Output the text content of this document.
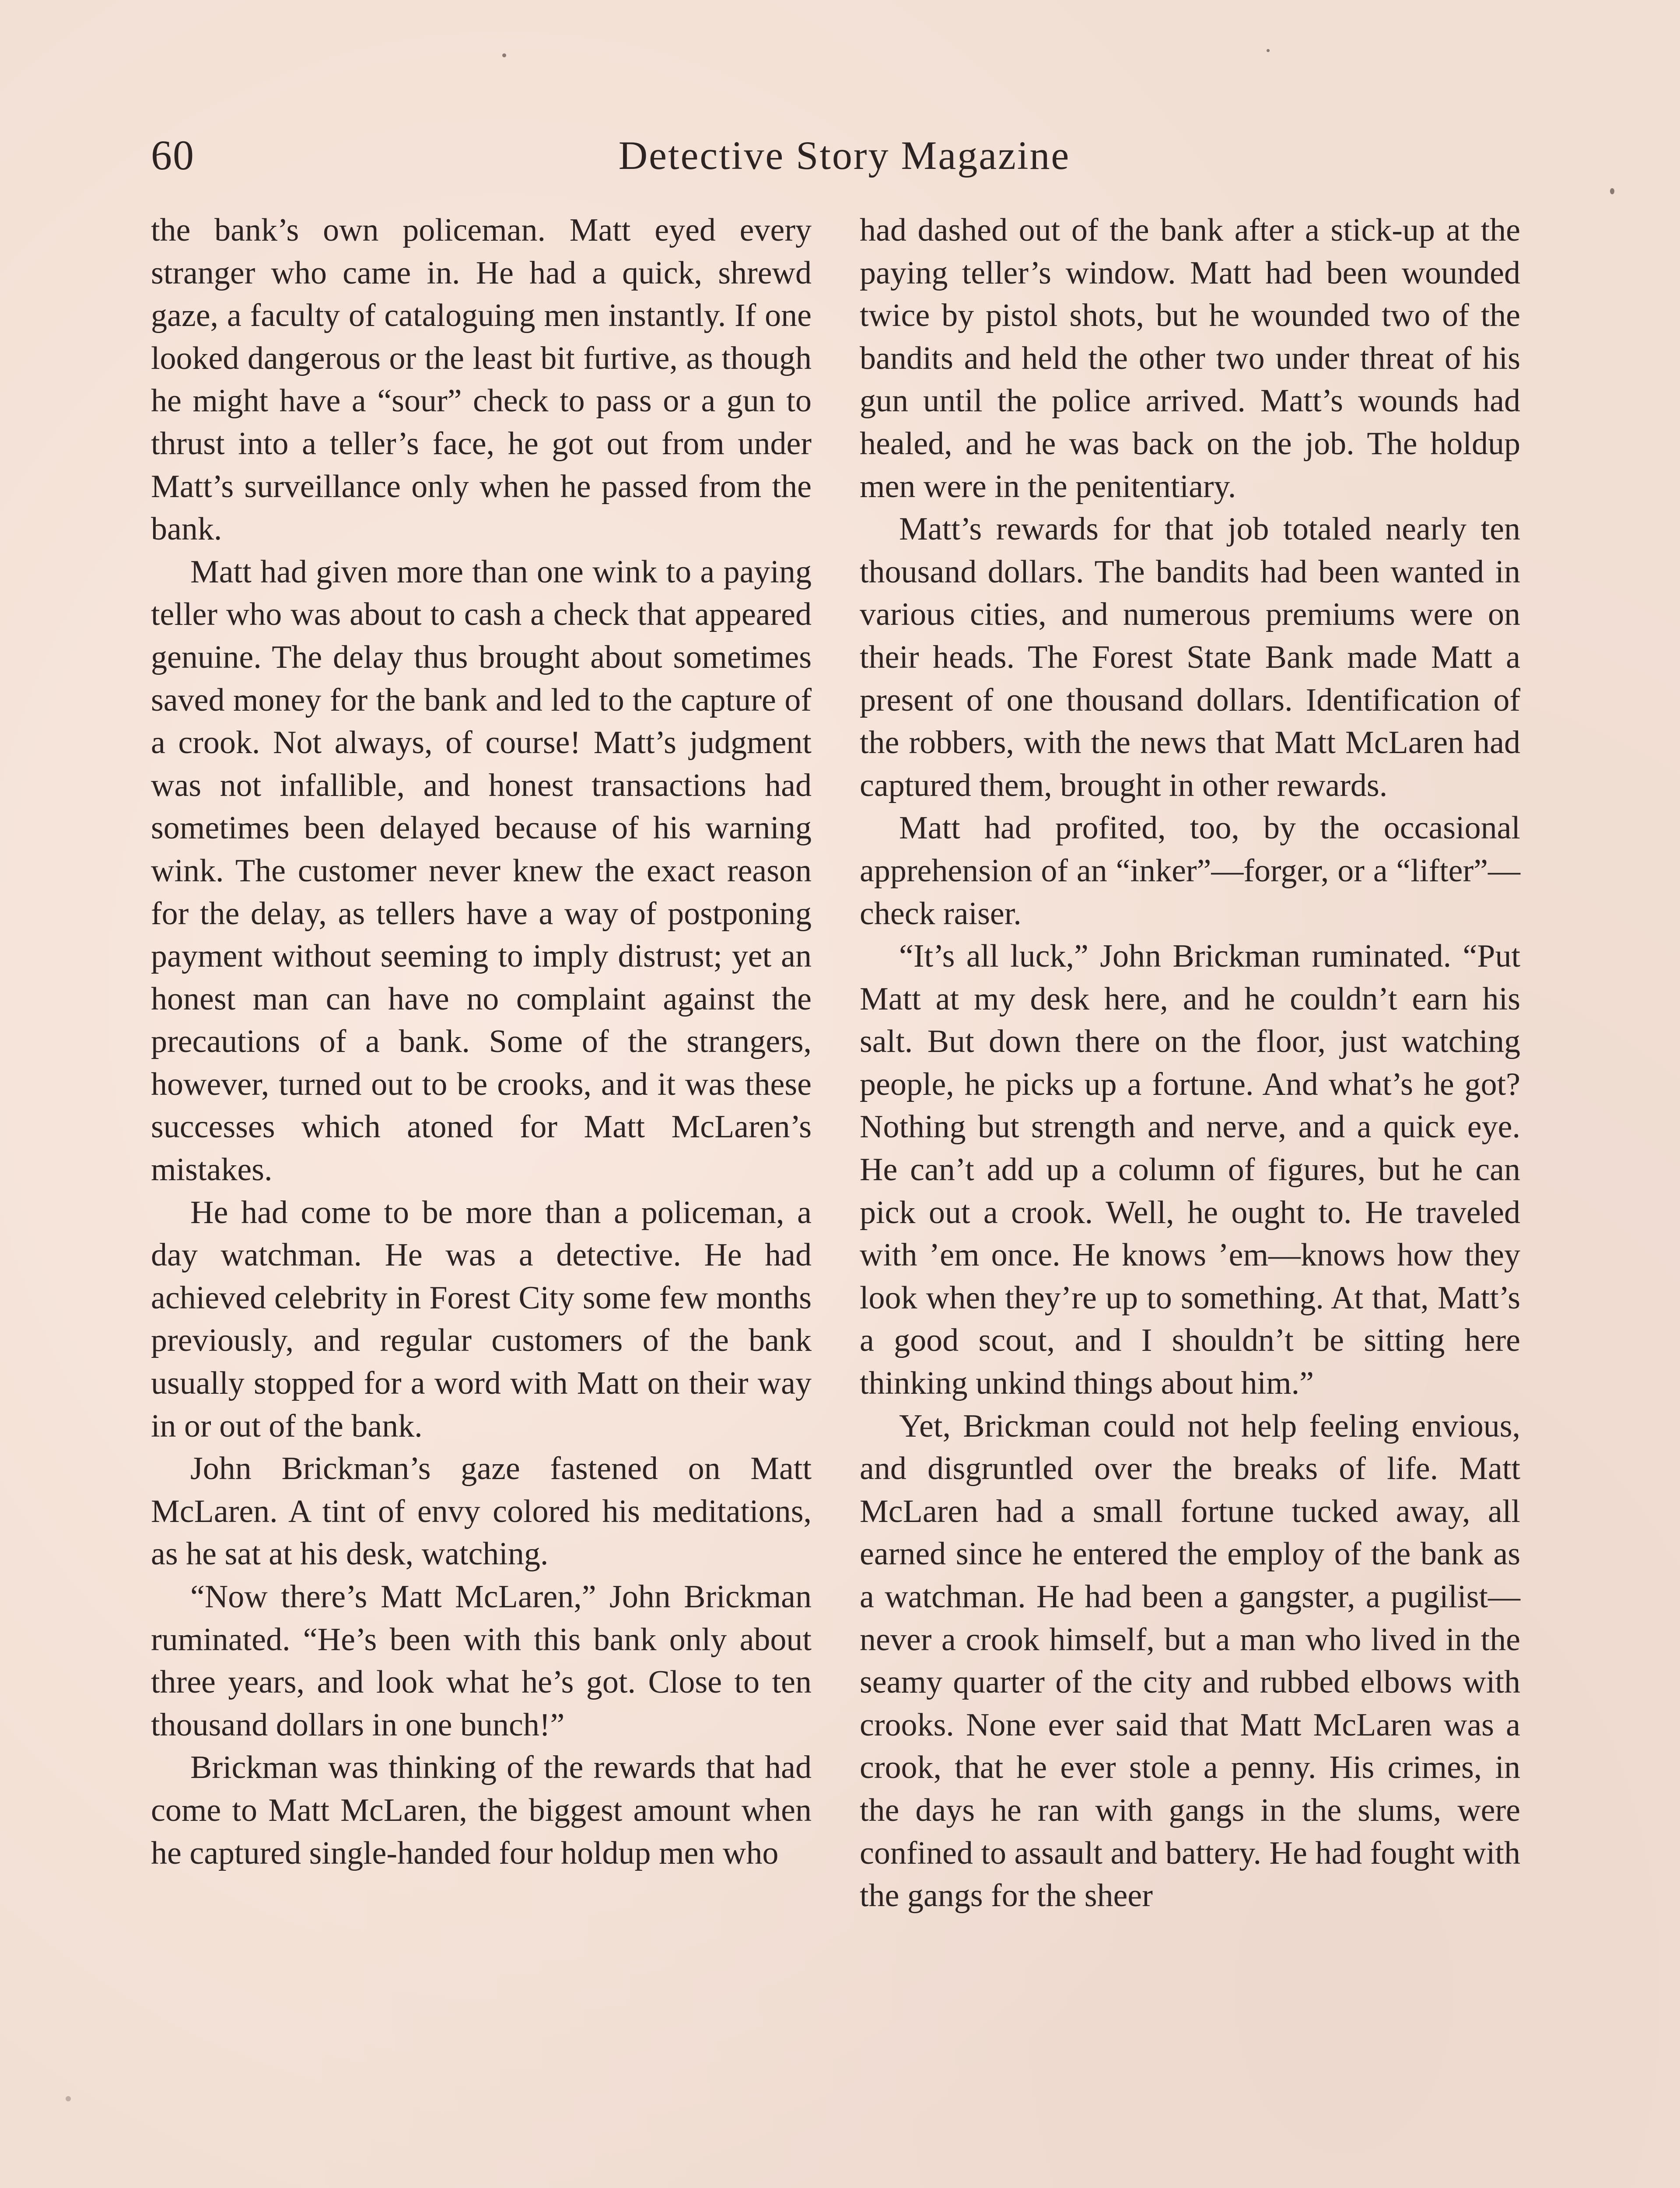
60	Detective Story Magazine

the bank’s own policeman. Matt eyed every stranger who came in. He had a quick, shrewd gaze, a faculty of cataloguing men instantly. If one looked dangerous or the least bit furtive, as though he might have a “sour” check to pass or a gun to thrust into a teller’s face, he got out from under Matt’s surveillance only when he passed from the bank.

Matt had given more than one wink to a paying teller who was about to cash a check that appeared genuine. The delay thus brought about sometimes saved money for the bank and led to the capture of a crook. Not always, of course! Matt’s judgment was not infallible, and honest transactions had sometimes been delayed because of his warning wink. The customer never knew the exact reason for the delay, as tellers have a way of postponing payment without seeming to imply distrust; yet an honest man can have no complaint against the precautions of a bank. Some of the strangers, however, turned out to be crooks, and it was these successes which atoned for Matt McLaren’s mistakes.

He had come to be more than a policeman, a day watchman. He was a detective. He had achieved celebrity in Forest City some few months previously, and regular customers of the bank usually stopped for a word with Matt on their way in or out of the bank.

John Brickman’s gaze fastened on Matt McLaren. A tint of envy colored his meditations, as he sat at his desk, watching.

“Now there’s Matt McLaren,” John Brickman ruminated. “He’s been with this bank only about three years, and look what he’s got. Close to ten thousand dollars in one bunch!”

Brickman was thinking of the rewards that had come to Matt McLaren, the biggest amount when he captured single-handed four holdup men who

had dashed out of the bank after a stick-up at the paying teller’s window. Matt had been wounded twice by pistol shots, but he wounded two of the bandits and held the other two under threat of his gun until the police arrived. Matt’s wounds had healed, and he was back on the job. The holdup men were in the penitentiary.

Matt’s rewards for that job totaled nearly ten thousand dollars. The bandits had been wanted in various cities, and numerous premiums were on their heads. The Forest State Bank made Matt a present of one thousand dollars. Identification of the robbers, with the news that Matt McLaren had captured them, brought in other rewards.

Matt had profited, too, by the occasional apprehension of an “inker”—forger, or a “lifter”—check raiser.

“It’s all luck,” John Brickman ruminated. “Put Matt at my desk here, and he couldn’t earn his salt. But down there on the floor, just watching people, he picks up a fortune. And what’s he got? Nothing but strength and nerve, and a quick eye. He can’t add up a column of figures, but he can pick out a crook. Well, he ought to. He traveled with ’em once. He knows ’em—knows how they look when they’re up to something. At that, Matt’s a good scout, and I shouldn’t be sitting here thinking unkind things about him.”

Yet, Brickman could not help feeling envious, and disgruntled over the breaks of life. Matt McLaren had a small fortune tucked away, all earned since he entered the employ of the bank as a watchman. He had been a gangster, a pugilist—never a crook himself, but a man who lived in the seamy quarter of the city and rubbed elbows with crooks. None ever said that Matt McLaren was a crook, that he ever stole a penny. His crimes, in the days he ran with gangs in the slums, were confined to assault and battery. He had fought with the gangs for the sheer
